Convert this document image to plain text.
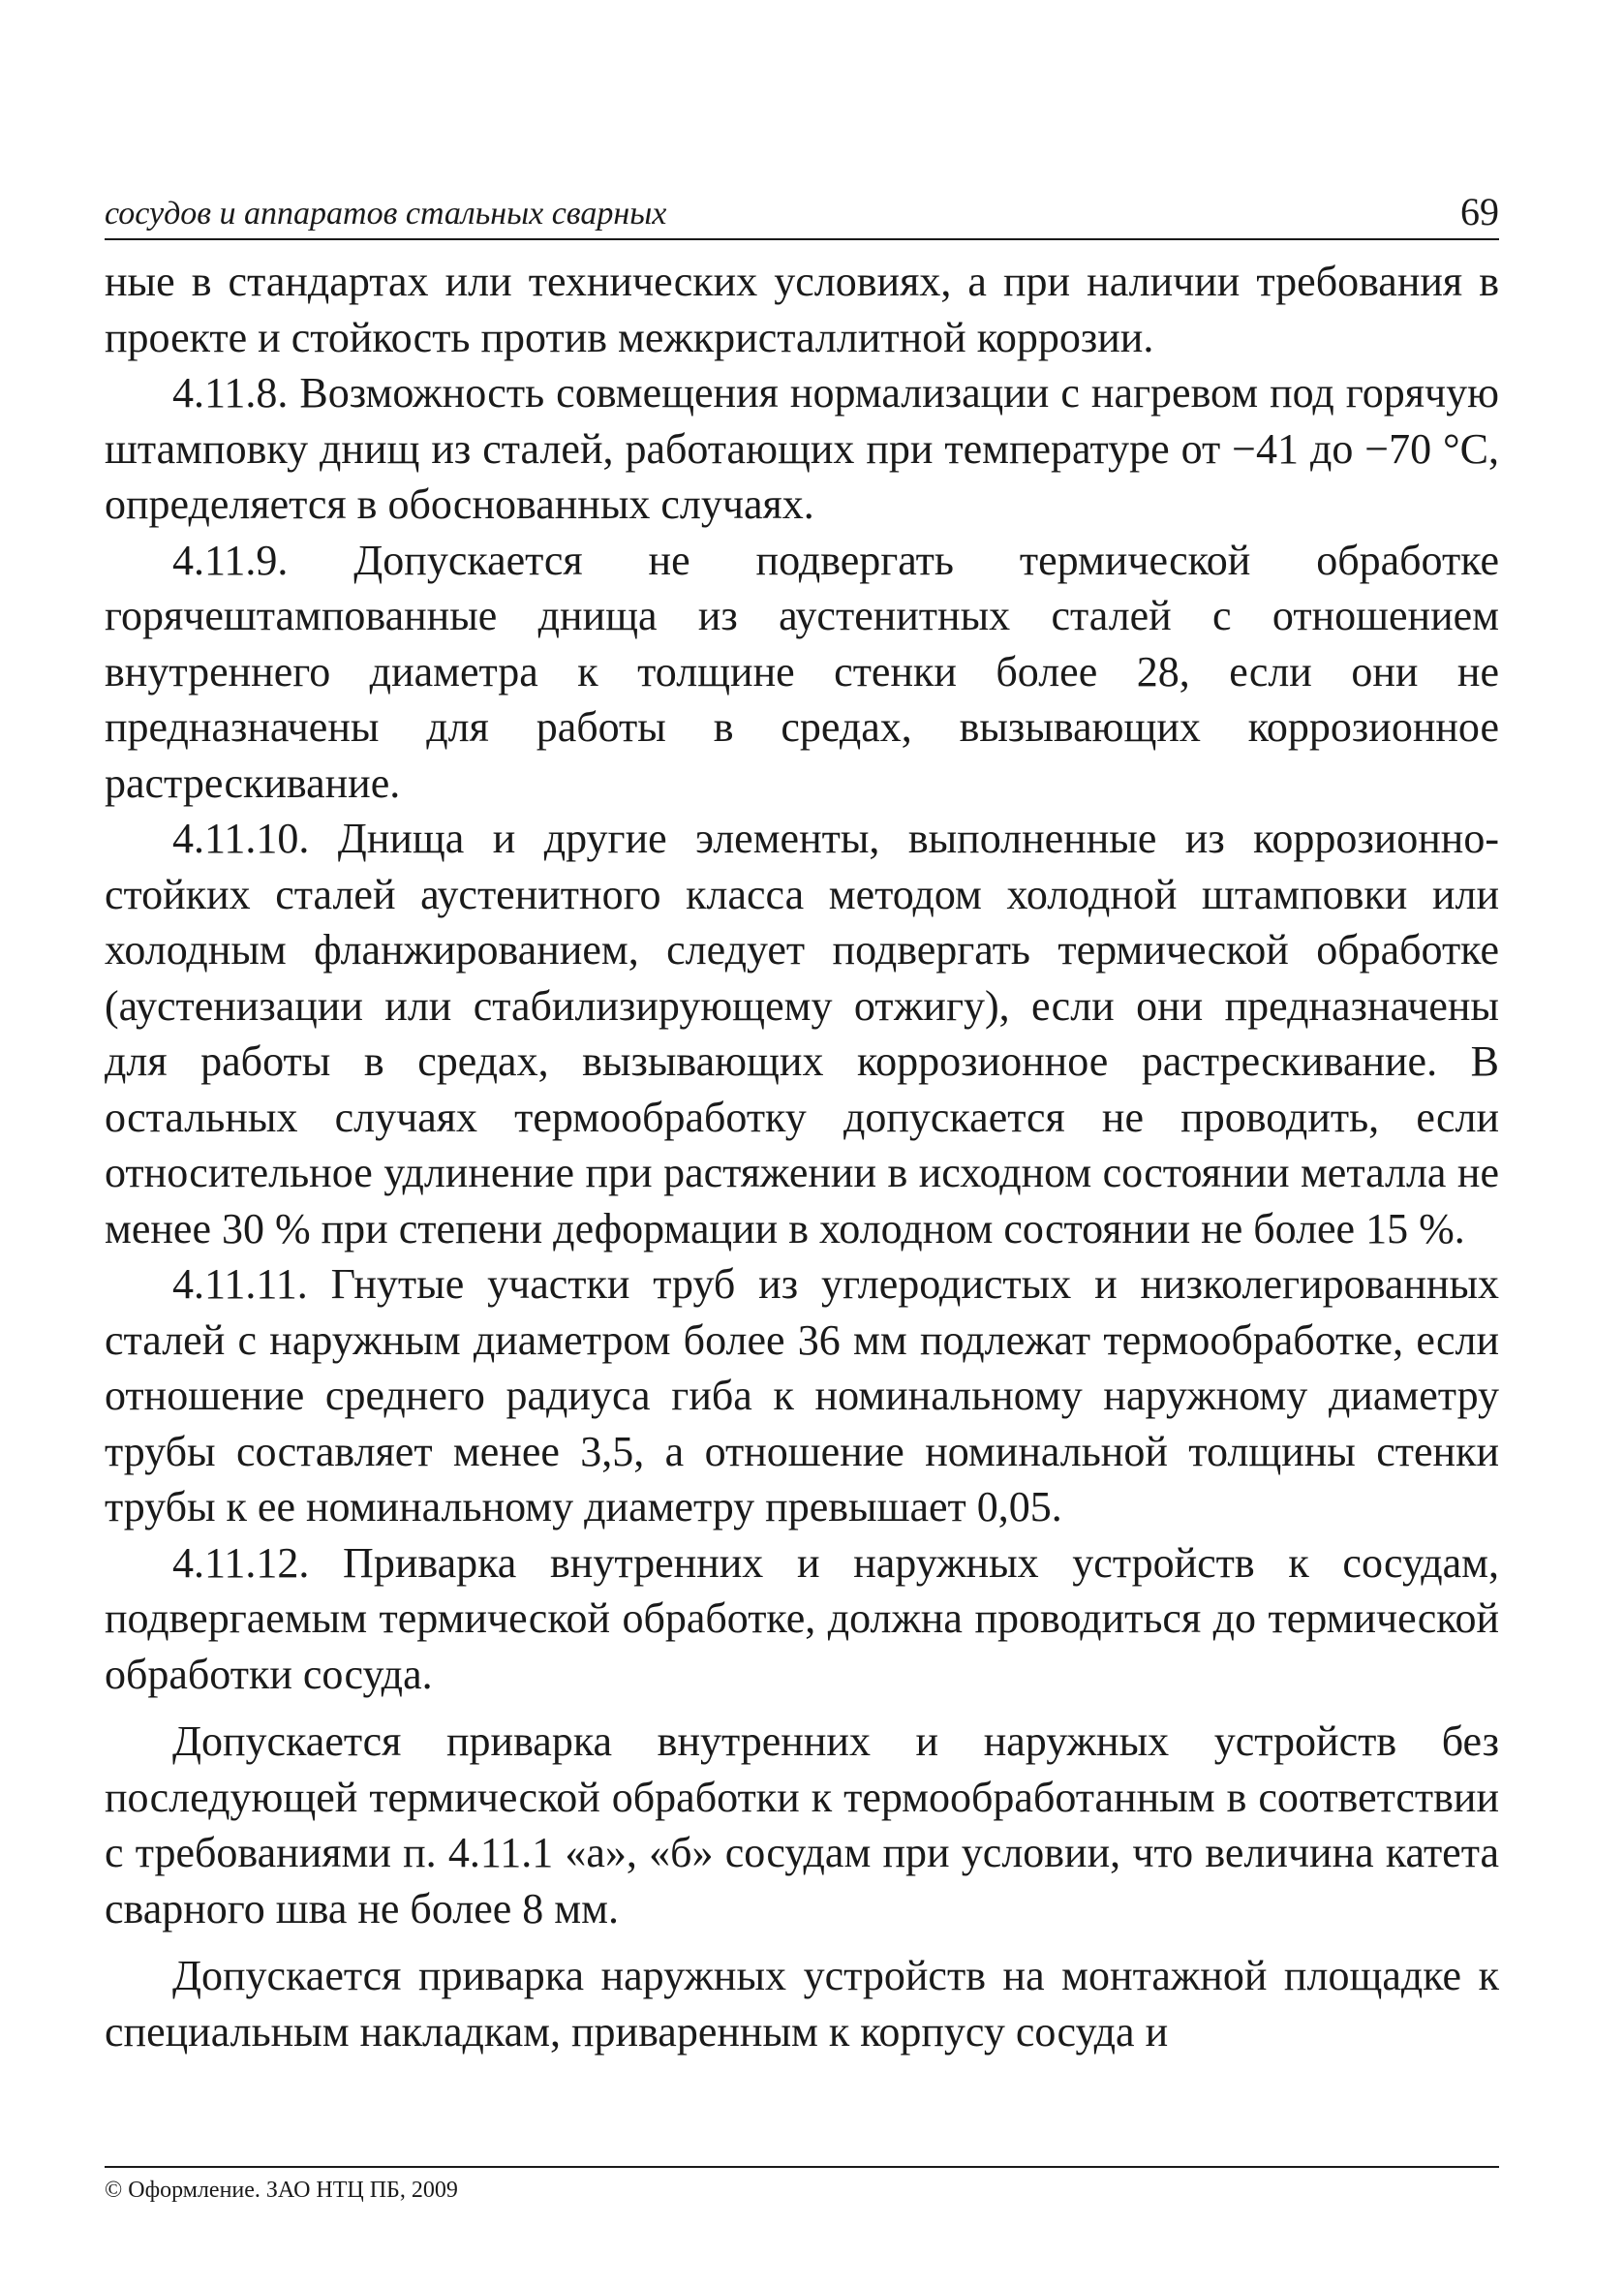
сосудов и аппаратов стальных сварных	69

ные в стандартах или технических условиях, а при наличии требования в проекте и стойкость против межкристаллитной коррозии.

4.11.8. Возможность совмещения нормализации с нагревом под горячую штамповку днищ из сталей, работающих при температуре от −41 до −70 °С, определяется в обоснованных случаях.

4.11.9. Допускается не подвергать термической обработке горячештампованные днища из аустенитных сталей с отношением внутреннего диаметра к толщине стенки более 28, если они не предназначены для работы в средах, вызывающих коррозионное растрескивание.

4.11.10. Днища и другие элементы, выполненные из коррозионно-стойких сталей аустенитного класса методом холодной штамповки или холодным фланжированием, следует подвергать термической обработке (аустенизации или стабилизирующему отжигу), если они предназначены для работы в средах, вызывающих коррозионное растрескивание. В остальных случаях термообработку допускается не проводить, если относительное удлинение при растяжении в исходном состоянии металла не менее 30 % при степени деформации в холодном состоянии не более 15 %.

4.11.11. Гнутые участки труб из углеродистых и низколегированных сталей с наружным диаметром более 36 мм подлежат термообработке, если отношение среднего радиуса гиба к номинальному наружному диаметру трубы составляет менее 3,5, а отношение номинальной толщины стенки трубы к ее номинальному диаметру превышает 0,05.

4.11.12. Приварка внутренних и наружных устройств к сосудам, подвергаемым термической обработке, должна проводиться до термической обработки сосуда.

Допускается приварка внутренних и наружных устройств без последующей термической обработки к термообработанным в соответствии с требованиями п. 4.11.1 «а», «б» сосудам при условии, что величина катета сварного шва не более 8 мм.

Допускается приварка наружных устройств на монтажной площадке к специальным накладкам, приваренным к корпусу сосуда и

© Оформление. ЗАО НТЦ ПБ, 2009
